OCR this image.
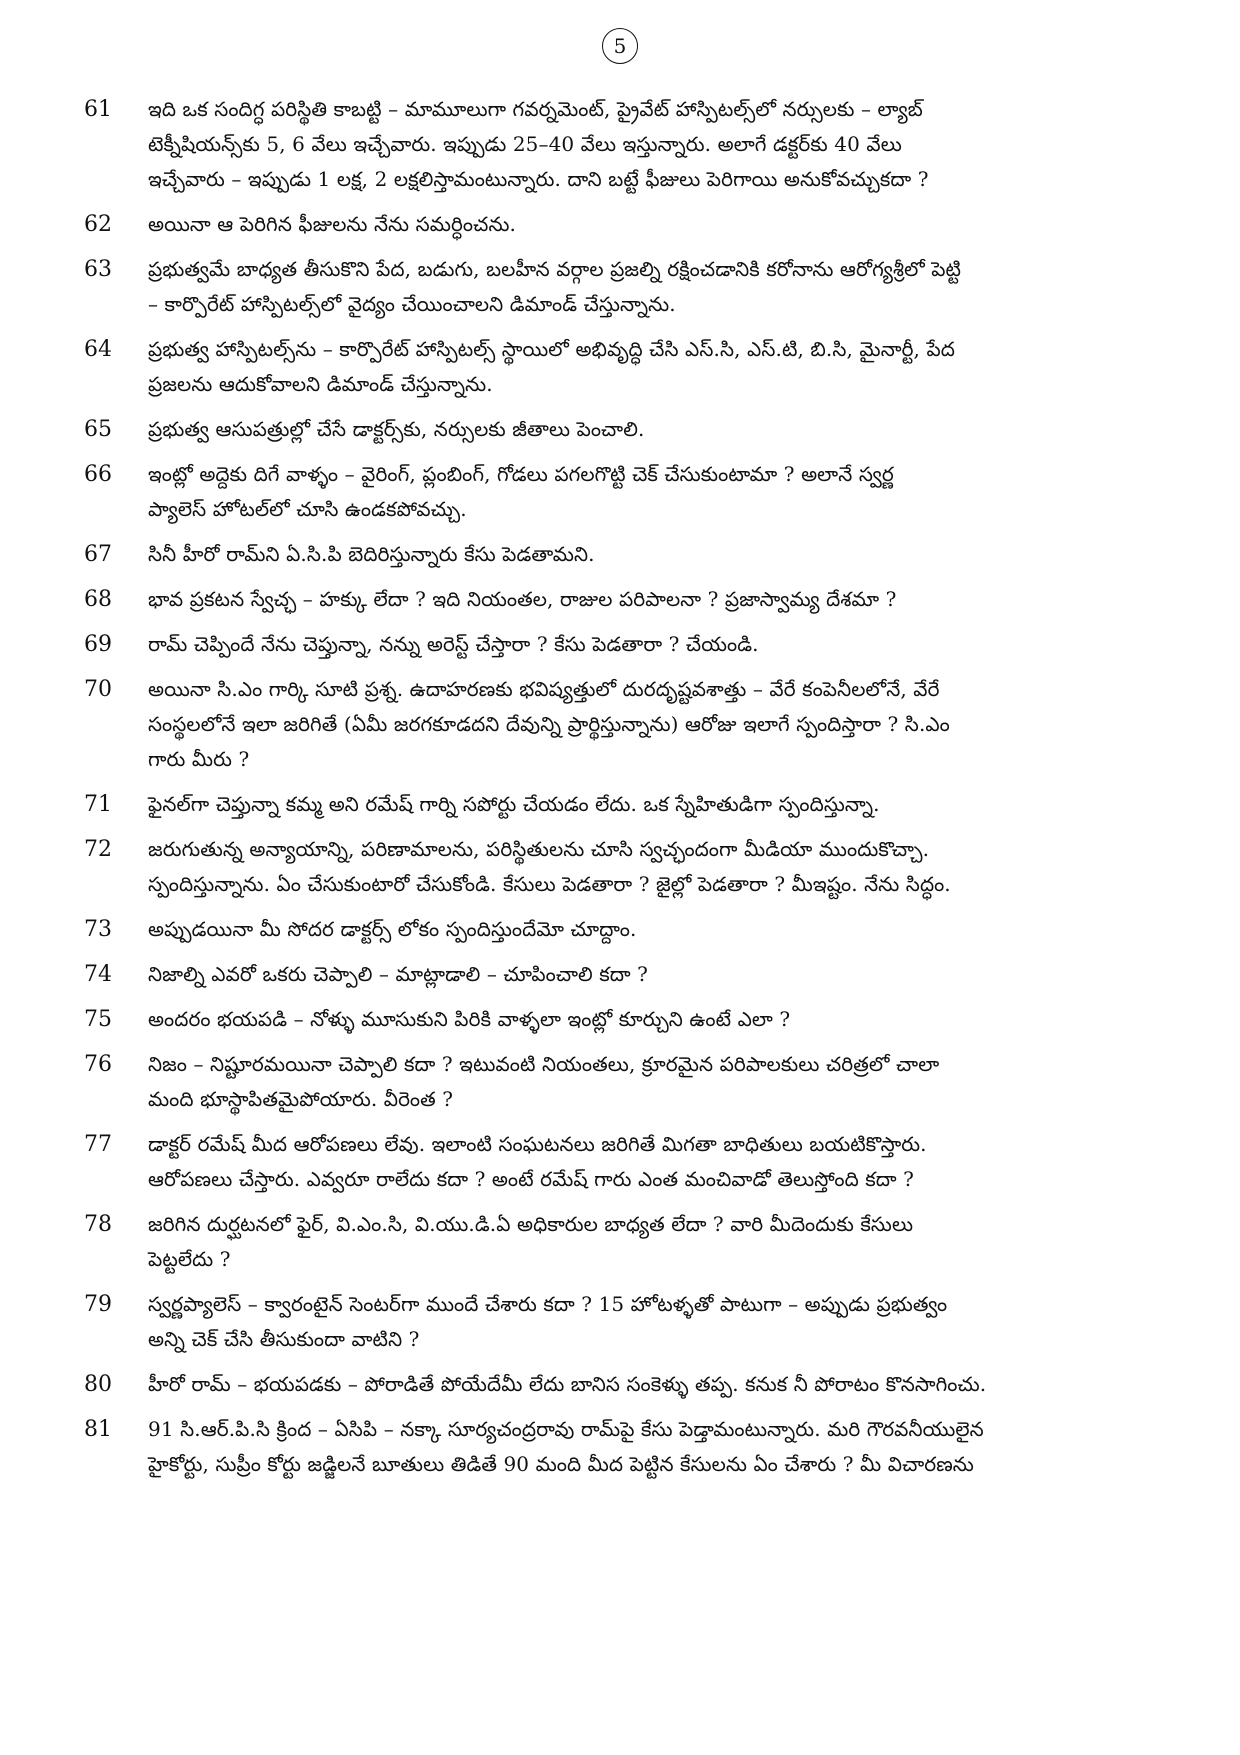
5
61	ఇది ఒక సందిగ్ధ పరిస్థితి కాబట్టి – మామూలుగా గవర్నమెంట్, ప్రైవేట్ హాస్పిటల్స్‌లో నర్సులకు – ల్యాబ్
టెక్నీషియన్స్‌కు 5, 6 వేలు ఇచ్చేవారు. ఇప్పుడు 25–40 వేలు ఇస్తున్నారు. అలాగే డక్టర్‌కు 40 వేలు
ఇచ్చేవారు – ఇప్పుడు 1 లక్ష, 2 లక్షలిస్తామంటున్నారు. దాని బట్టే ఫీజులు పెరిగాయి అనుకోవచ్చుకదా ?
62	అయినా ఆ పెరిగిన ఫీజులను నేను సమర్ధించను.
63	ప్రభుత్వమే బాధ్యత తీసుకొని పేద, బడుగు, బలహీన వర్గాల ప్రజల్ని రక్షించడానికి కరోనాను ఆరోగ్యశ్రీలో పెట్టి
– కార్పొరేట్ హాస్పిటల్స్‌లో వైద్యం చేయించాలని డిమాండ్ చేస్తున్నాను.
64	ప్రభుత్వ హాస్పిటల్స్‌ను – కార్పొరేట్ హాస్పిటల్స్ స్థాయిలో అభివృద్ధి చేసి ఎస్.సి, ఎస్.టి, బి.సి, మైనార్టీ, పేద
ప్రజలను ఆదుకోవాలని డిమాండ్ చేస్తున్నాను.
65	ప్రభుత్వ ఆసుపత్రుల్లో చేసే డాక్టర్స్‌కు, నర్సులకు జీతాలు పెంచాలి.
66	ఇంట్లో అద్దెకు దిగే వాళ్ళం – వైరింగ్, ప్లంబింగ్, గోడలు పగలగొట్టి చెక్ చేసుకుంటామా ? అలానే స్వర్ణ
ప్యాలెస్ హోటల్‌లో చూసి ఉండకపోవచ్చు.
67	సినీ హీరో రామ్‌ని ఏ.సి.పి బెదిరిస్తున్నారు కేసు పెడతామని.
68	భావ ప్రకటన స్వేచ్ఛ – హక్కు లేదా ? ఇది నియంతల, రాజుల పరిపాలనా ? ప్రజాస్వామ్య దేశమా ?
69	రామ్ చెప్పిందే నేను చెప్తున్నా, నన్ను అరెస్ట్ చేస్తారా ? కేసు పెడతారా ? చేయండి.
70	అయినా సి.ఎం గార్కి సూటి ప్రశ్న. ఉదాహరణకు భవిష్యత్తులో దురదృష్టవశాత్తు – వేరే కంపెనీలలోనే, వేరే
సంస్థలలోనే ఇలా జరిగితే (ఏమీ జరగకూడదని దేవున్ని ప్రార్థిస్తున్నాను) ఆరోజు ఇలాగే స్పందిస్తారా ? సి.ఎం
గారు మీరు ?
71	ఫైనల్‌గా చెప్తున్నా కమ్మ అని రమేష్ గార్ని సపోర్టు చేయడం లేదు. ఒక స్నేహితుడిగా స్పందిస్తున్నా.
72	జరుగుతున్న అన్యాయాన్ని, పరిణామాలను, పరిస్థితులను చూసి స్వచ్ఛందంగా మీడియా ముందుకొచ్చా.
స్పందిస్తున్నాను. ఏం చేసుకుంటారో చేసుకోండి. కేసులు పెడతారా ? జైల్లో పెడతారా ? మీఇష్టం. నేను సిద్ధం.
73	అప్పుడయినా మీ సోదర డాక్టర్స్ లోకం స్పందిస్తుందేమో చూద్దాం.
74	నిజాల్ని ఎవరో ఒకరు చెప్పాలి – మాట్లాడాలి – చూపించాలి కదా ?
75	అందరం భయపడి – నోళ్ళు మూసుకుని పిరికి వాళ్ళలా ఇంట్లో కూర్చుని ఉంటే ఎలా ?
76	నిజం – నిష్టూరమయినా చెప్పాలి కదా ? ఇటువంటి నియంతలు, క్రూరమైన పరిపాలకులు చరిత్రలో చాలా
మంది భూస్థాపితమైపోయారు. వీరెంత ?
77	డాక్టర్ రమేష్ మీద ఆరోపణలు లేవు. ఇలాంటి సంఘటనలు జరిగితే మిగతా బాధితులు బయటికొస్తారు.
ఆరోపణలు చేస్తారు. ఎవ్వరూ రాలేదు కదా ? అంటే రమేష్ గారు ఎంత మంచివాడో తెలుస్తోంది కదా ?
78	జరిగిన దుర్ఘటనలో ఫైర్, వి.ఎం.సి, వి.యు.డి.ఏ అధికారుల బాధ్యత లేదా ? వారి మీదెందుకు కేసులు
పెట్టలేదు ?
79	స్వర్ణప్యాలెస్ – క్వారంటైన్ సెంటర్‌గా ముందే చేశారు కదా ? 15 హోటళ్ళతో పాటుగా – అప్పుడు ప్రభుత్వం
అన్ని చెక్ చేసి తీసుకుందా వాటిని ?
80	హీరో రామ్ – భయపడకు – పోరాడితే పోయేదేమీ లేదు బానిస సంకెళ్ళు తప్ప. కనుక నీ పోరాటం కొనసాగించు.
81	91 సి.ఆర్.పి.సి క్రింద – ఏసిపి – నక్కా సూర్యచంద్రరావు రామ్‌పై కేసు పెడ్తామంటున్నారు. మరి గౌరవనీయులైన
హైకోర్టు, సుప్రీం కోర్టు జడ్జిలనే బూతులు తిడితే 90 మంది మీద పెట్టిన కేసులను ఏం చేశారు ? మీ విచారణను
